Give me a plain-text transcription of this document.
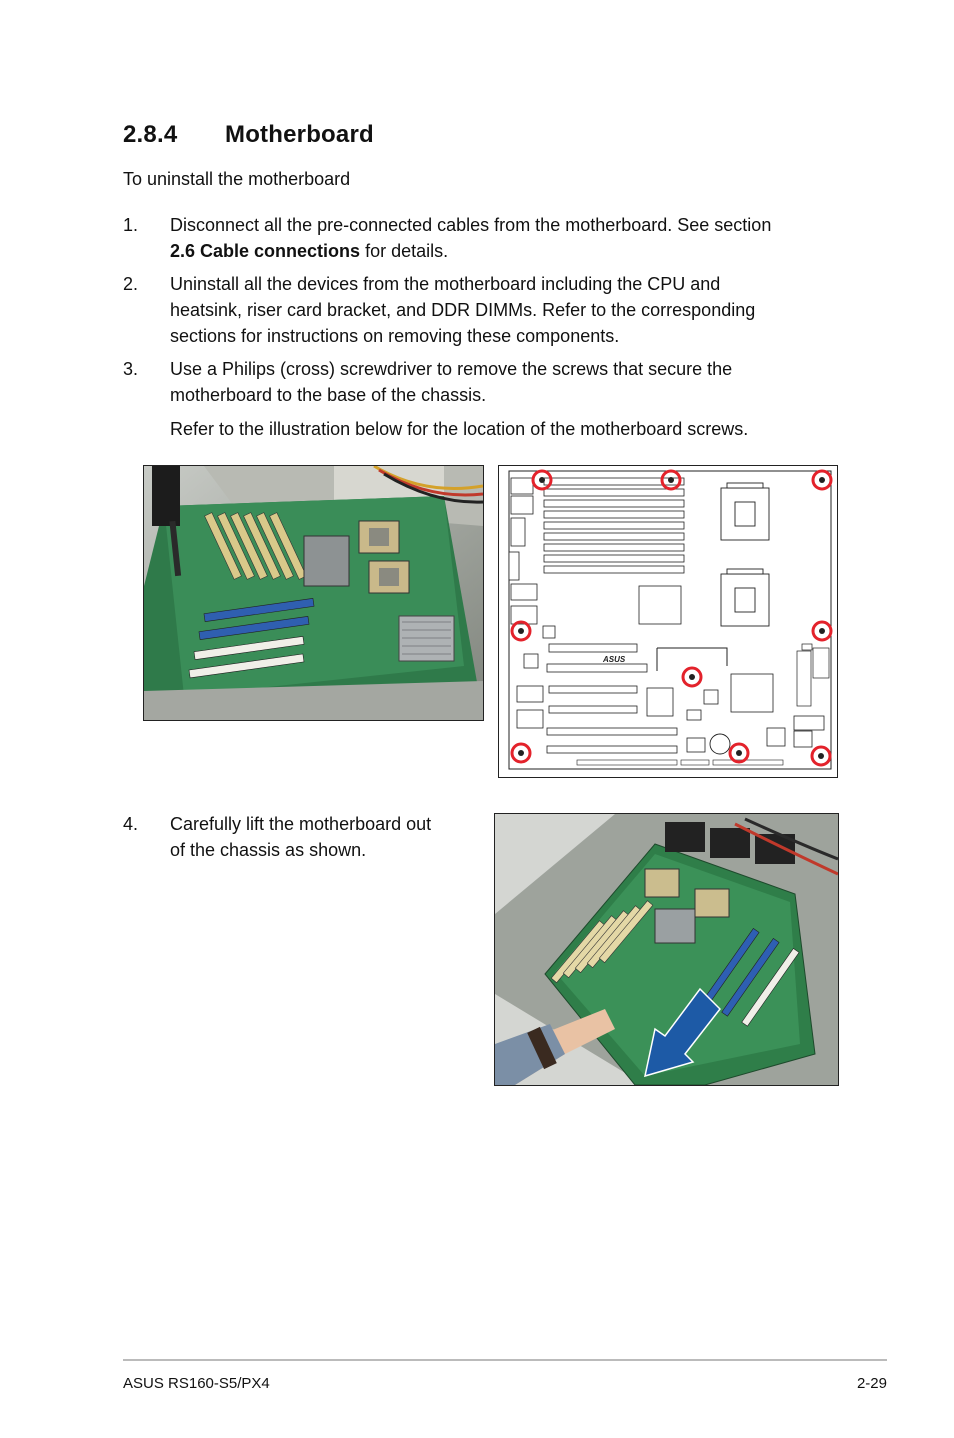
2.8.4 Motherboard
To uninstall the motherboard
1. Disconnect all the pre-connected cables from the motherboard. See section
2.6 Cable connections for details.
2. Uninstall all the devices from the motherboard including the CPU and
heatsink, riser card bracket, and DDR DIMMs. Refer to the corresponding
sections for instructions on removing these components.
3. Use a Philips (cross) screwdriver to remove the screws that secure the
motherboard to the base of the chassis.
Refer to the illustration below for the location of the motherboard screws.
ASUS
4. Carefully lift the motherboard out
of the chassis as shown.
ASUS RS160-S5/PX4	2-29
